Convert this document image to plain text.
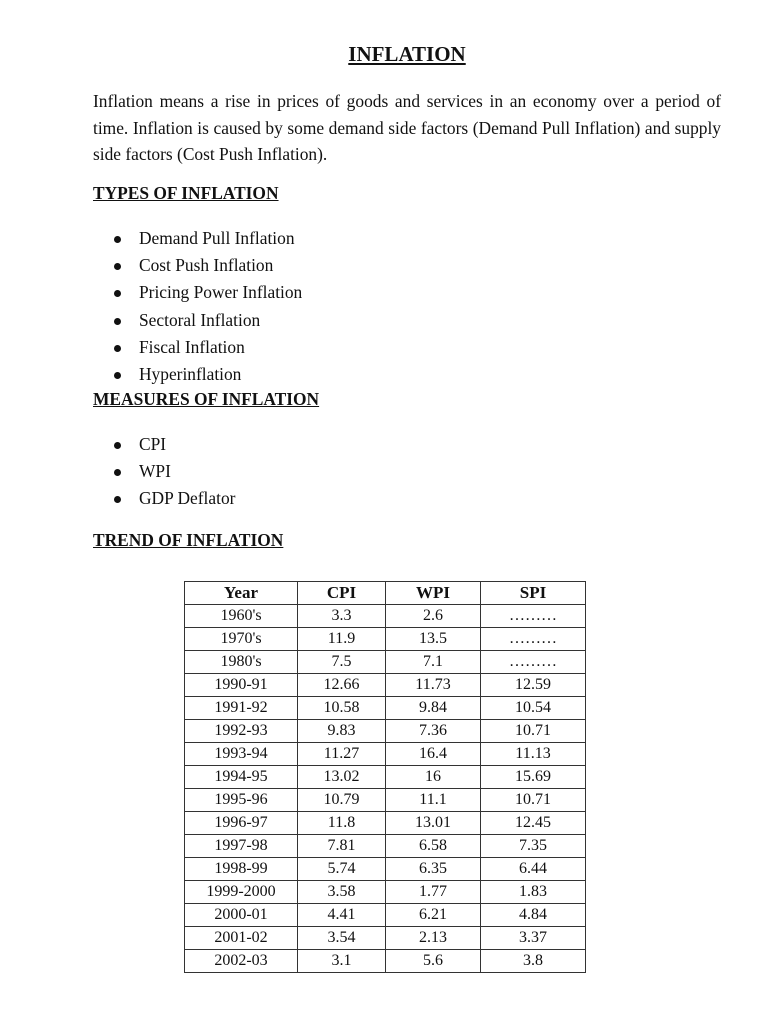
INFLATION

Inflation means a rise in prices of goods and services in an economy over a period of time. Inflation is caused by some demand side factors (Demand Pull Inflation) and supply side factors (Cost Push Inflation).

TYPES OF INFLATION
Demand Pull Inflation
Cost Push Inflation
Pricing Power Inflation
Sectoral Inflation
Fiscal Inflation
Hyperinflation
MEASURES OF INFLATION
CPI
WPI
GDP Deflator
TREND OF INFLATION
Year	CPI	WPI	SPI
1960's	3.3	2.6	………
1970's	11.9	13.5	………
1980's	7.5	7.1	………
1990-91	12.66	11.73	12.59
1991-92	10.58	9.84	10.54
1992-93	9.83	7.36	10.71
1993-94	11.27	16.4	11.13
1994-95	13.02	16	15.69
1995-96	10.79	11.1	10.71
1996-97	11.8	13.01	12.45
1997-98	7.81	6.58	7.35
1998-99	5.74	6.35	6.44
1999-2000	3.58	1.77	1.83
2000-01	4.41	6.21	4.84
2001-02	3.54	2.13	3.37
2002-03	3.1	5.6	3.8
